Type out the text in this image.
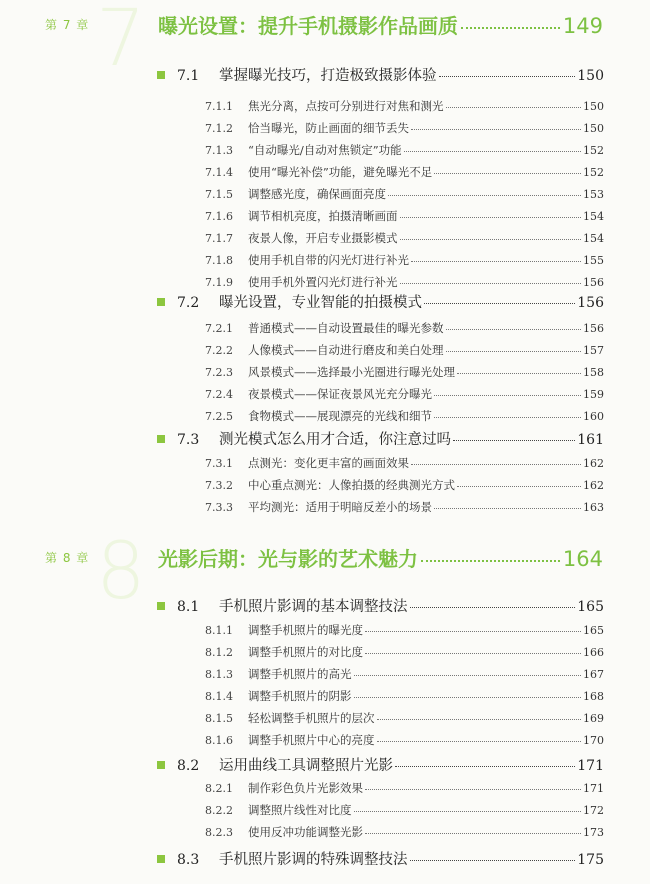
7
第 7 章	曝光设置：提升手机摄影作品画质	149
7.1	掌握曝光技巧，打造极致摄影体验	150
7.1.1	焦光分离，点按可分别进行对焦和测光	150
7.1.2	恰当曝光，防止画面的细节丢失	150
7.1.3	“自动曝光/自动对焦锁定”功能	152
7.1.4	使用“曝光补偿”功能，避免曝光不足	152
7.1.5	调整感光度，确保画面亮度	153
7.1.6	调节相机亮度，拍摄清晰画面	154
7.1.7	夜景人像，开启专业摄影模式	154
7.1.8	使用手机自带的闪光灯进行补光	155
7.1.9	使用手机外置闪光灯进行补光	156
7.2	曝光设置，专业智能的拍摄模式	156
7.2.1	普通模式——自动设置最佳的曝光参数	156
7.2.2	人像模式——自动进行磨皮和美白处理	157
7.2.3	风景模式——选择最小光圈进行曝光处理	158
7.2.4	夜景模式——保证夜景风光充分曝光	159
7.2.5	食物模式——展现漂亮的光线和细节	160
7.3	测光模式怎么用才合适，你注意过吗	161
7.3.1	点测光：变化更丰富的画面效果	162
7.3.2	中心重点测光：人像拍摄的经典测光方式	162
7.3.3	平均测光：适用于明暗反差小的场景	163
8
第 8 章	光影后期：光与影的艺术魅力	164
8.1	手机照片影调的基本调整技法	165
8.1.1	调整手机照片的曝光度	165
8.1.2	调整手机照片的对比度	166
8.1.3	调整手机照片的高光	167
8.1.4	调整手机照片的阴影	168
8.1.5	轻松调整手机照片的层次	169
8.1.6	调整手机照片中心的亮度	170
8.2	运用曲线工具调整照片光影	171
8.2.1	制作彩色负片光影效果	171
8.2.2	调整照片线性对比度	172
8.2.3	使用反冲功能调整光影	173
8.3	手机照片影调的特殊调整技法	175
